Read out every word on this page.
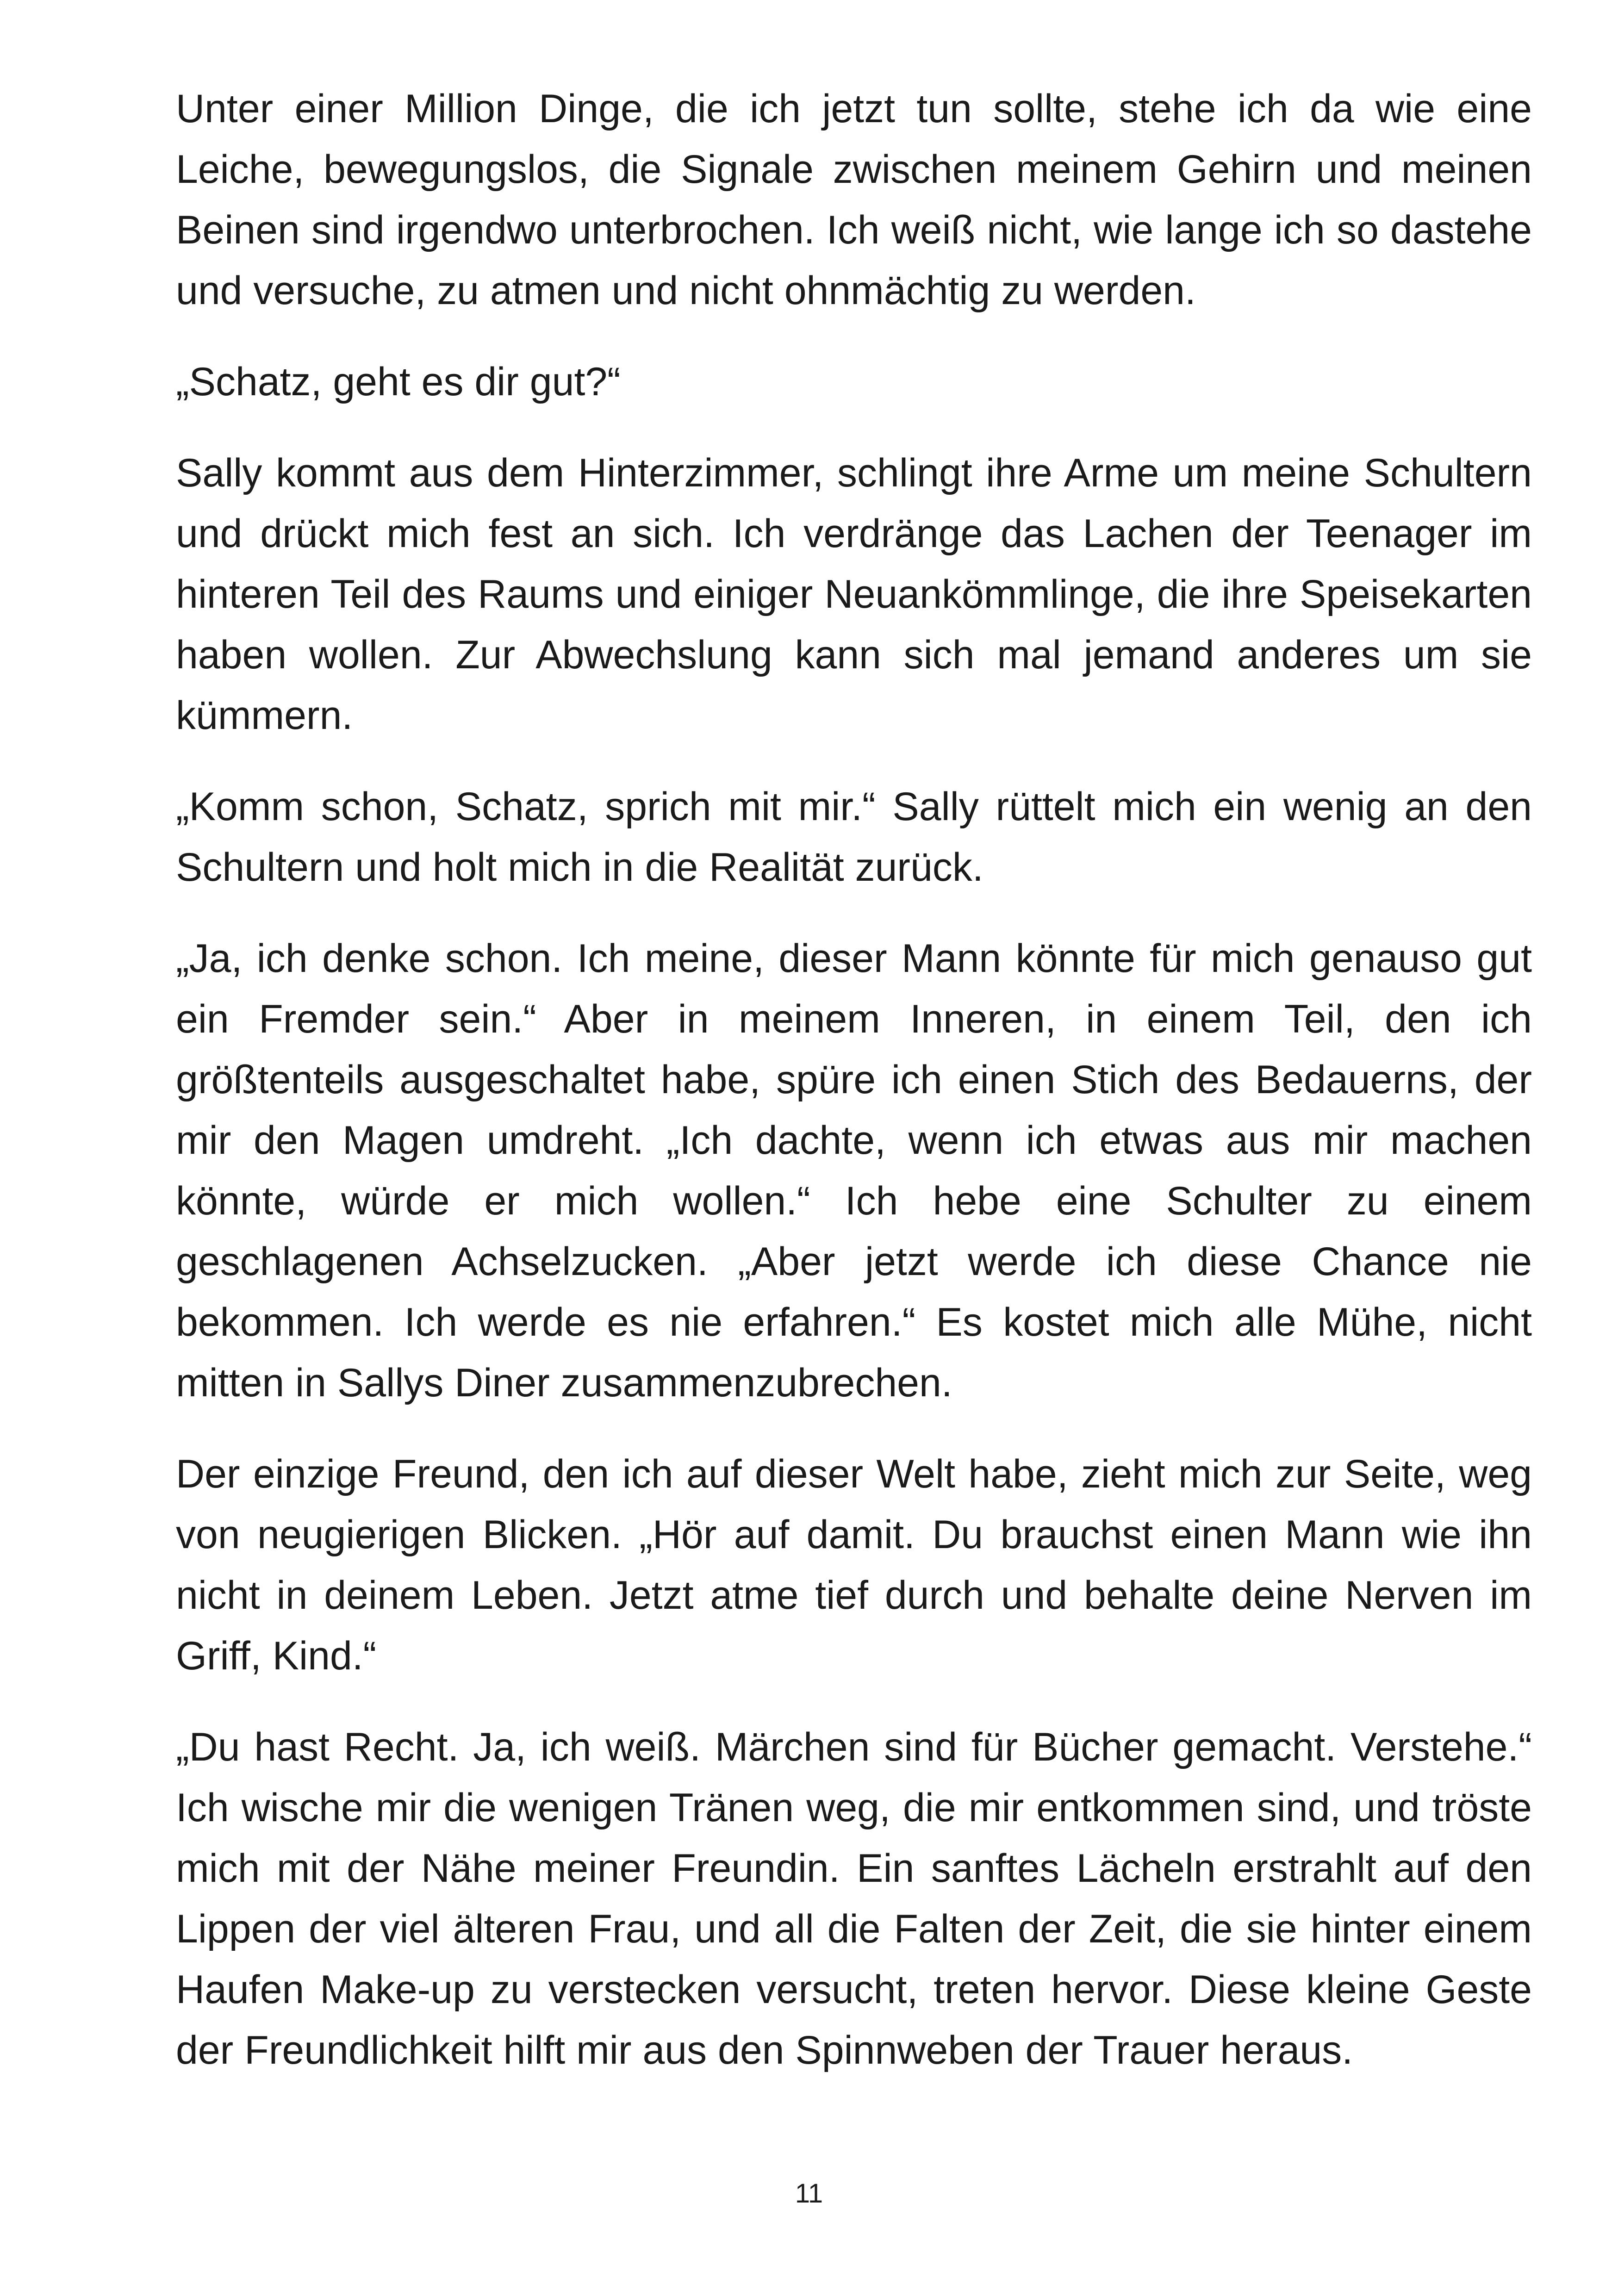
Unter einer Million Dinge, die ich jetzt tun sollte, stehe ich da wie eine Leiche, bewegungslos, die Signale zwischen meinem Gehirn und meinen Beinen sind irgendwo unterbrochen. Ich weiß nicht, wie lange ich so dastehe und versuche, zu atmen und nicht ohnmächtig zu werden.

„Schatz, geht es dir gut?“

Sally kommt aus dem Hinterzimmer, schlingt ihre Arme um meine Schultern und drückt mich fest an sich. Ich verdränge das Lachen der Teenager im hinteren Teil des Raums und einiger Neuankömmlinge, die ihre Speisekarten haben wollen. Zur Abwechslung kann sich mal jemand anderes um sie kümmern.

„Komm schon, Schatz, sprich mit mir.“ Sally rüttelt mich ein wenig an den Schultern und holt mich in die Realität zurück.

„Ja, ich denke schon. Ich meine, dieser Mann könnte für mich genauso gut ein Fremder sein.“ Aber in meinem Inneren, in einem Teil, den ich größtenteils ausgeschaltet habe, spüre ich einen Stich des Bedauerns, der mir den Magen umdreht. „Ich dachte, wenn ich etwas aus mir machen könnte, würde er mich wollen.“ Ich hebe eine Schulter zu einem geschlagenen Achselzucken. „Aber jetzt werde ich diese Chance nie bekommen. Ich werde es nie erfahren.“ Es kostet mich alle Mühe, nicht mitten in Sallys Diner zusammenzubrechen.

Der einzige Freund, den ich auf dieser Welt habe, zieht mich zur Seite, weg von neugierigen Blicken. „Hör auf damit. Du brauchst einen Mann wie ihn nicht in deinem Leben. Jetzt atme tief durch und behalte deine Nerven im Griff, Kind.“

„Du hast Recht. Ja, ich weiß. Märchen sind für Bücher gemacht. Verstehe.“ Ich wische mir die wenigen Tränen weg, die mir entkommen sind, und tröste mich mit der Nähe meiner Freundin. Ein sanftes Lächeln erstrahlt auf den Lippen der viel älteren Frau, und all die Falten der Zeit, die sie hinter einem Haufen Make-up zu verstecken versucht, treten hervor. Diese kleine Geste der Freundlichkeit hilft mir aus den Spinnweben der Trauer heraus.

11
